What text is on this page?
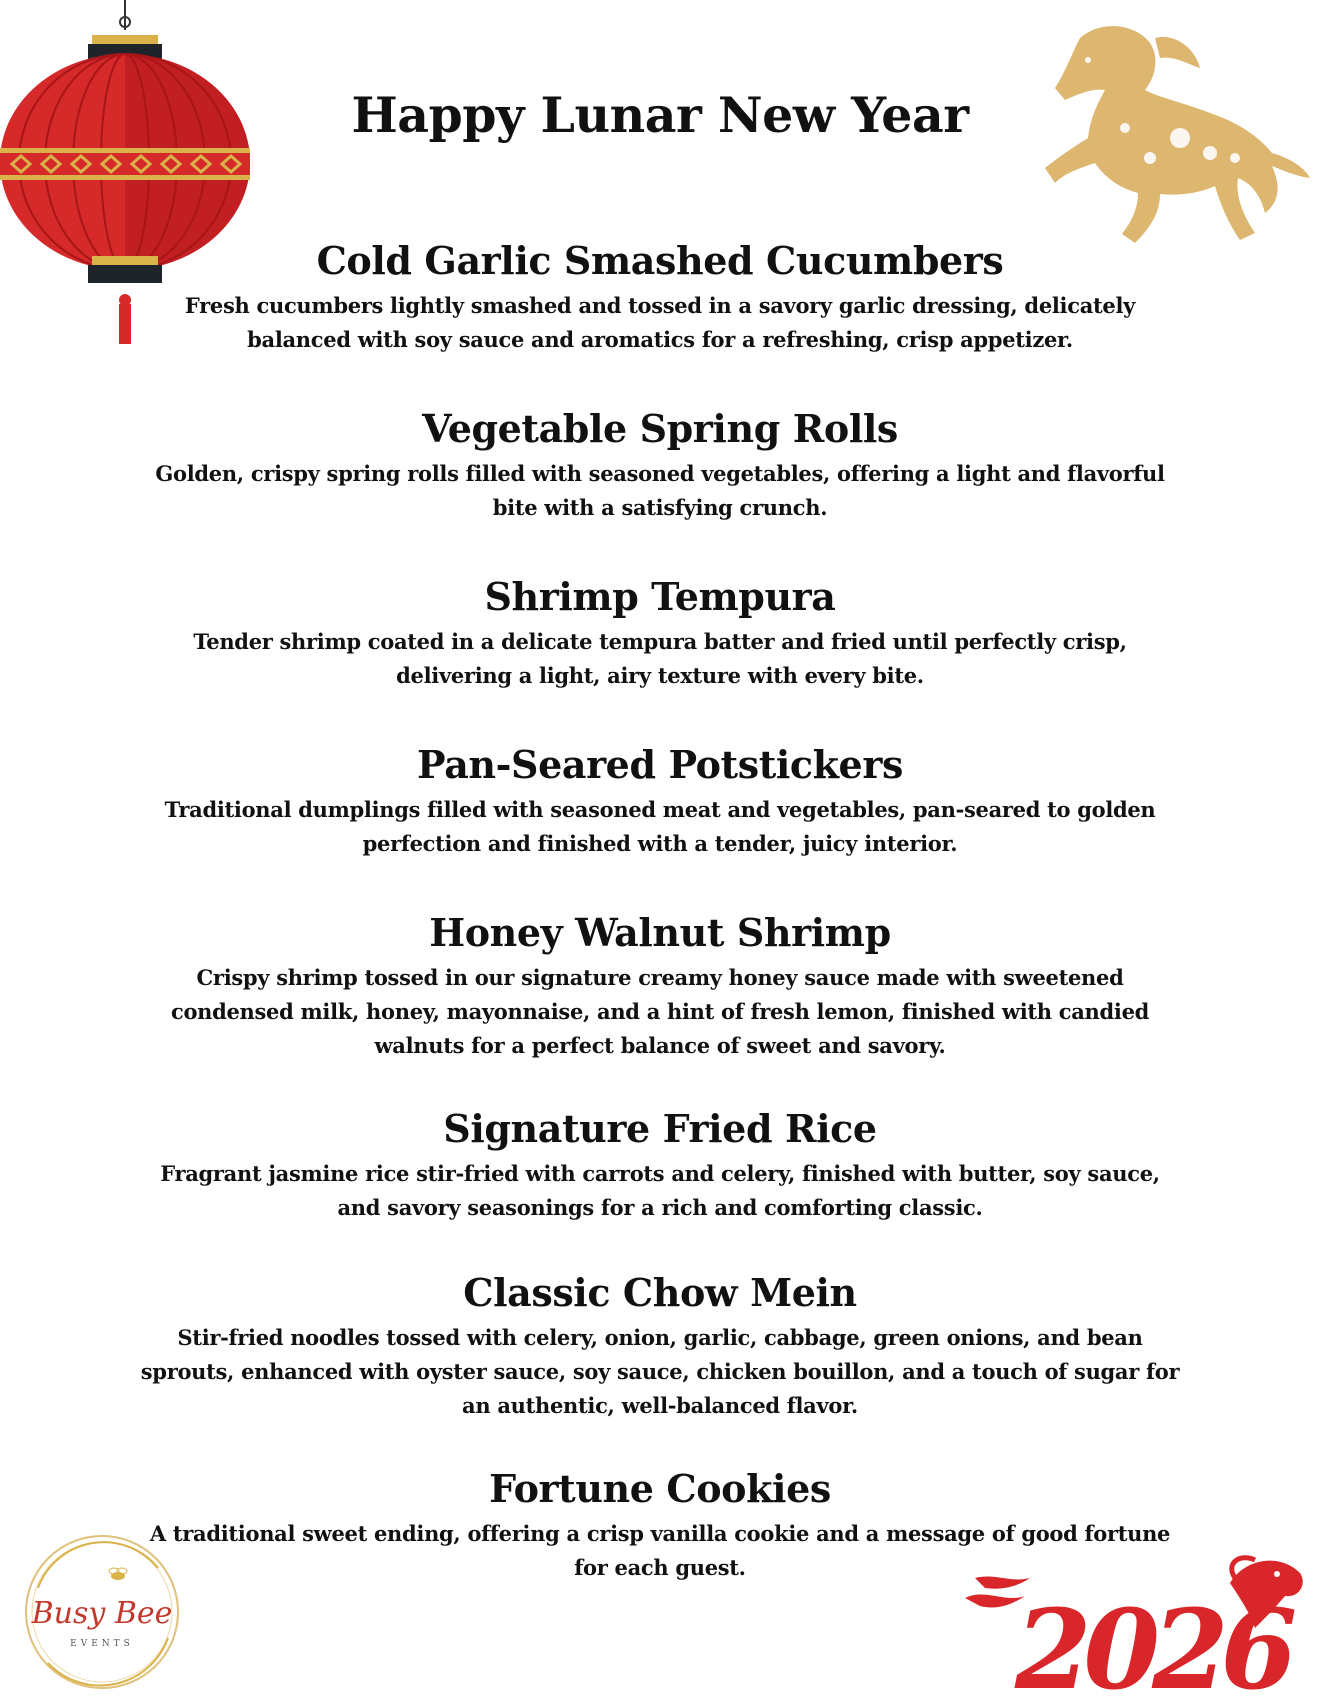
Happy Lunar New Year
Cold Garlic Smashed Cucumbers

Fresh cucumbers lightly smashed and tossed in a savory garlic dressing, delicately balanced with soy sauce and aromatics for a refreshing, crisp appetizer.

Vegetable Spring Rolls

Golden, crispy spring rolls filled with seasoned vegetables, offering a light and flavorful bite with a satisfying crunch.

Shrimp Tempura

Tender shrimp coated in a delicate tempura batter and fried until perfectly crisp, delivering a light, airy texture with every bite.

Pan-Seared Potstickers

Traditional dumplings filled with seasoned meat and vegetables, pan-seared to golden perfection and finished with a tender, juicy interior.

Honey Walnut Shrimp

Crispy shrimp tossed in our signature creamy honey sauce made with sweetened condensed milk, honey, mayonnaise, and a hint of fresh lemon, finished with candied walnuts for a perfect balance of sweet and savory.

Signature Fried Rice

Fragrant jasmine rice stir-fried with carrots and celery, finished with butter, soy sauce, and savory seasonings for a rich and comforting classic.

Classic Chow Mein

Stir-fried noodles tossed with celery, onion, garlic, cabbage, green onions, and bean sprouts, enhanced with oyster sauce, soy sauce, chicken bouillon, and a touch of sugar for an authentic, well-balanced flavor.

Fortune Cookies

A traditional sweet ending, offering a crisp vanilla cookie and a message of good fortune for each guest.

Busy Bee
EVENTS	2026
